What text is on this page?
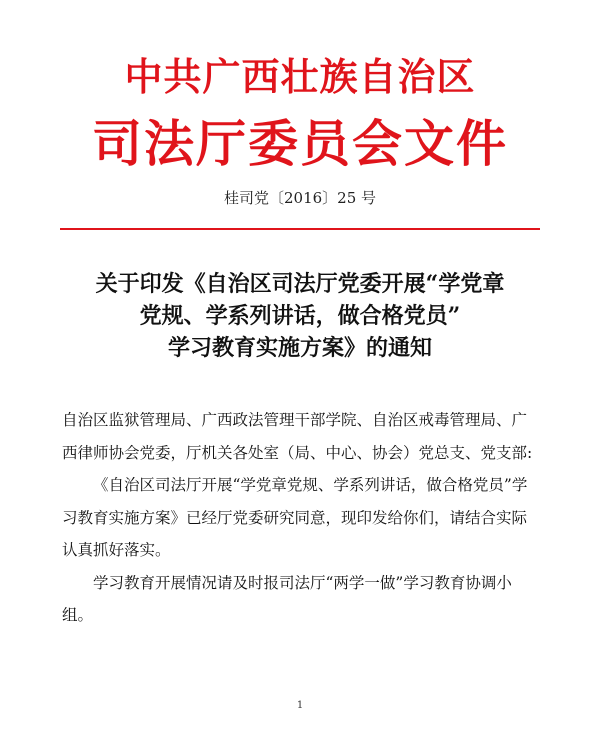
中共广西壮族自治区
司法厅委员会文件
桂司党〔2016〕25 号
关于印发《自治区司法厅党委开展“学党章
党规、学系列讲话，做合格党员”
学习教育实施方案》的通知

自治区监狱管理局、广西政法管理干部学院、自治区戒毒管理局、广西律师协会党委，厅机关各处室（局、中心、协会）党总支、党支部:

《自治区司法厅开展“学党章党规、学系列讲话，做合格党员”学习教育实施方案》已经厅党委研究同意，现印发给你们，请结合实际认真抓好落实。

学习教育开展情况请及时报司法厅“两学一做”学习教育协调小组。

1
